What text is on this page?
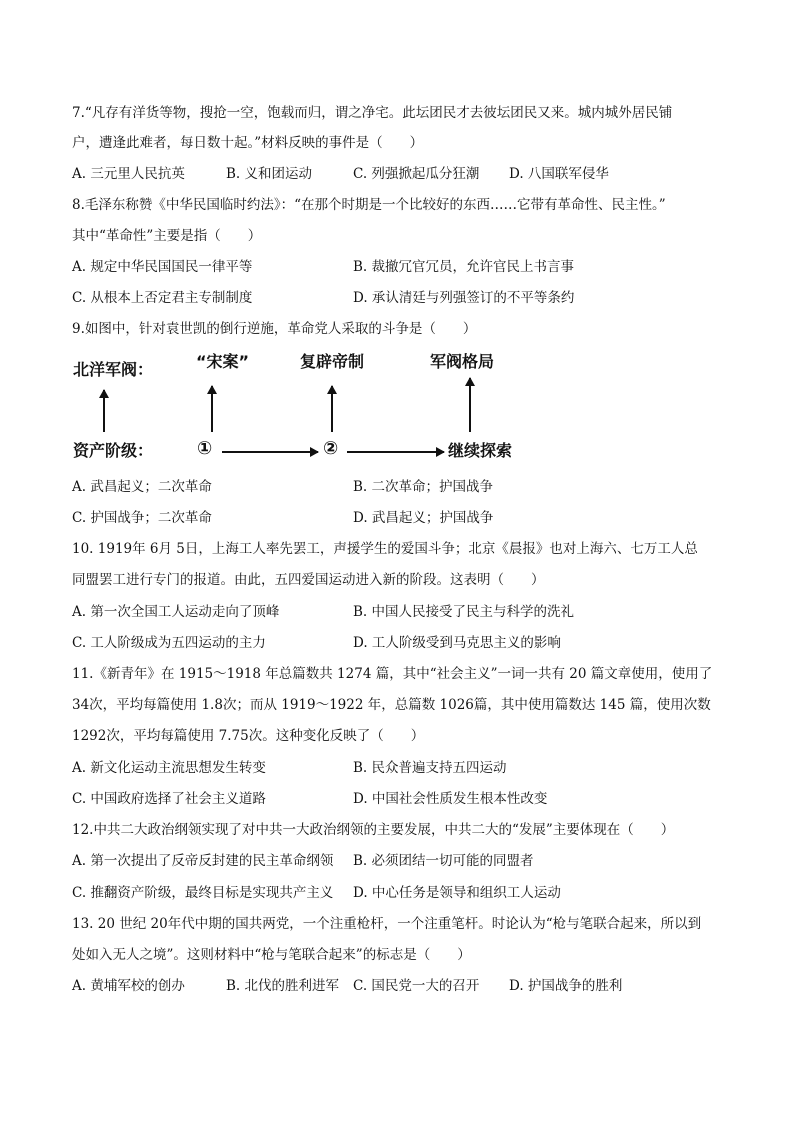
7.“凡存有洋货等物，搜抢一空，饱载而归，谓之净宅。此坛团民才去彼坛团民又来。城内城外居民铺
户，遭逢此难者，每日数十起。”材料反映的事件是（　　）
A. 三元里人民抗英	B. 义和团运动	C. 列强掀起瓜分狂潮 D. 八国联军侵华
8.毛泽东称赞《中华民国临时约法》：“在那个时期是一个比较好的东西……它带有革命性、民主性。”
其中“革命性”主要是指（　　）
A. 规定中华民国国民一律平等	B. 裁撤冗官冗员，允许官民上书言事
C. 从根本上否定君主专制制度	D. 承认清廷与列强签订的不平等条约
9.如图中，针对袁世凯的倒行逆施，革命党人采取的斗争是（　　）
北洋军阀：	“宋案”	复辟帝制	军阀格局
资产阶级： ①	②	继续探索
A. 武昌起义；二次革命	B. 二次革命；护国战争
C. 护国战争；二次革命	D. 武昌起义；护国战争
10. 1919年 6月 5日，上海工人率先罢工，声援学生的爱国斗争；北京《晨报》也对上海六、七万工人总
同盟罢工进行专门的报道。由此，五四爱国运动进入新的阶段。这表明（　　）
A. 第一次全国工人运动走向了顶峰	B. 中国人民接受了民主与科学的洗礼
C. 工人阶级成为五四运动的主力	D. 工人阶级受到马克思主义的影响
11.《新青年》在 1915～1918 年总篇数共 1274 篇，其中“社会主义”一词一共有 20 篇文章使用，使用了
34次，平均每篇使用 1.8次；而从 1919～1922 年，总篇数 1026篇，其中使用篇数达 145 篇，使用次数
1292次，平均每篇使用 7.75次。这种变化反映了（　　）
A. 新文化运动主流思想发生转变	B. 民众普遍支持五四运动
C. 中国政府选择了社会主义道路	D. 中国社会性质发生根本性改变
12.中共二大政治纲领实现了对中共一大政治纲领的主要发展，中共二大的“发展”主要体现在（　　）
A. 第一次提出了反帝反封建的民主革命纲领 B. 必须团结一切可能的同盟者
C. 推翻资产阶级，最终目标是实现共产主义 D. 中心任务是领导和组织工人运动
13. 20 世纪 20年代中期的国共两党，一个注重枪杆，一个注重笔杆。时论认为“枪与笔联合起来，所以到
处如入无人之境”。这则材料中“枪与笔联合起来”的标志是（　　）
A. 黄埔军校的创办	B. 北伐的胜利进军 C. 国民党一大的召开 D. 护国战争的胜利
